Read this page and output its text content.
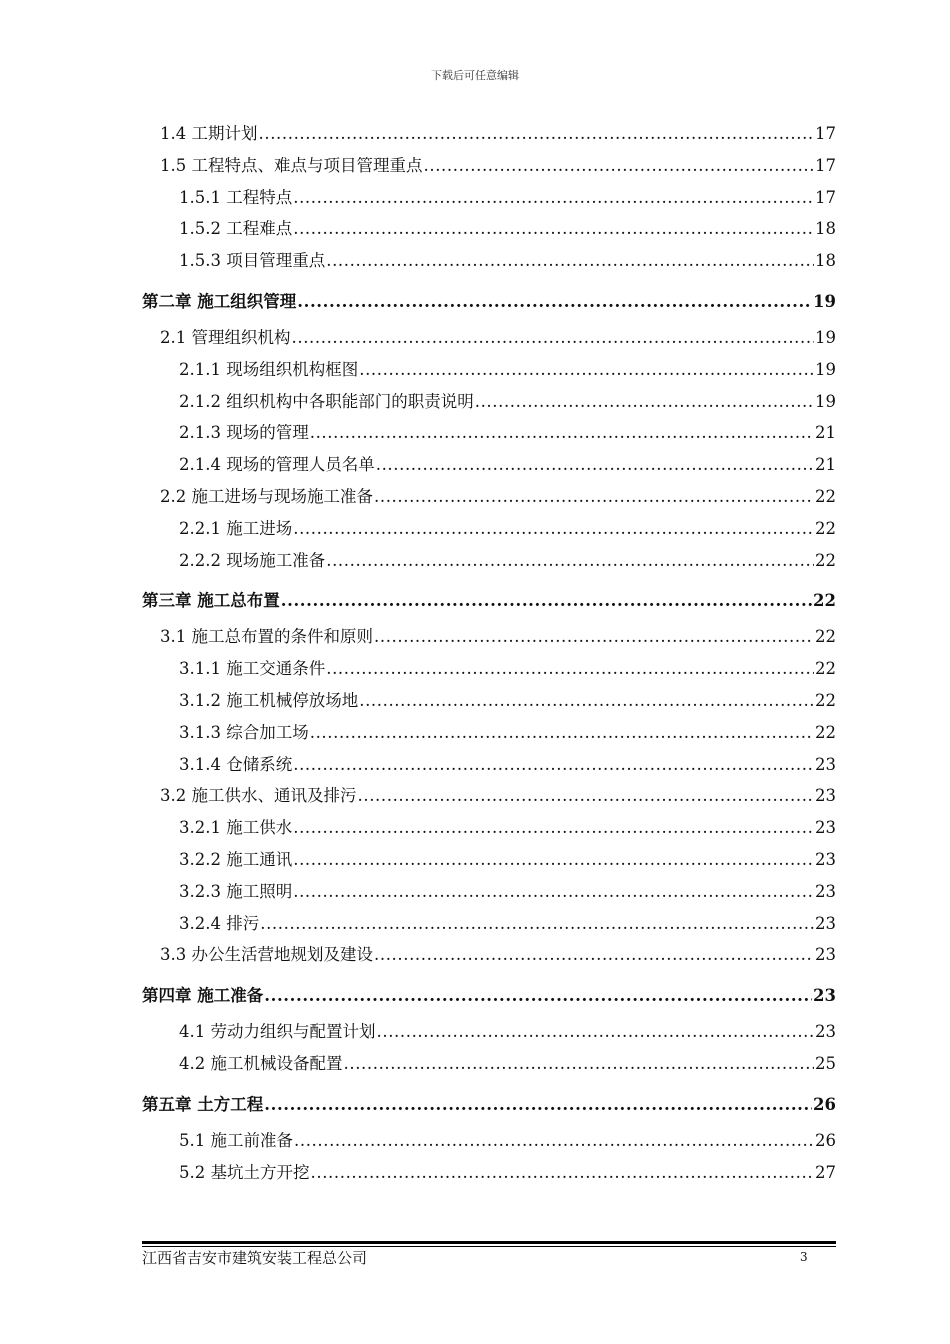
下载后可任意编辑
1.4 工期计划 .....	17
1.5 工程特点、难点与项目管理重点 .....	17
1.5.1 工程特点 .....	17
1.5.2 工程难点 .....	18
1.5.3 项目管理重点 .....	18
第二章 施工组织管理 .....	19
2.1 管理组织机构 .....	19
2.1.1 现场组织机构框图 .....	19
2.1.2 组织机构中各职能部门的职责说明 .....	19
2.1.3 现场的管理 .....	21
2.1.4 现场的管理人员名单 .....	21
2.2 施工进场与现场施工准备 .....	22
2.2.1 施工进场 .....	22
2.2.2 现场施工准备 .....	22
第三章 施工总布置 .....	22
3.1 施工总布置的条件和原则 .....	22
3.1.1 施工交通条件 .....	22
3.1.2 施工机械停放场地 .....	22
3.1.3 综合加工场 .....	22
3.1.4 仓储系统 .....	23
3.2 施工供水、通讯及排污 .....	23
3.2.1 施工供水 .....	23
3.2.2 施工通讯 .....	23
3.2.3 施工照明 .....	23
3.2.4 排污 .....	23
3.3 办公生活营地规划及建设 .....	23
第四章 施工准备 .....	23
4.1 劳动力组织与配置计划 .....	23
4.2 施工机械设备配置 .....	25
第五章 土方工程 .....	26
5.1 施工前准备 .....	26
5.2 基坑土方开挖 .....	27
江西省吉安市建筑安装工程总公司	3
